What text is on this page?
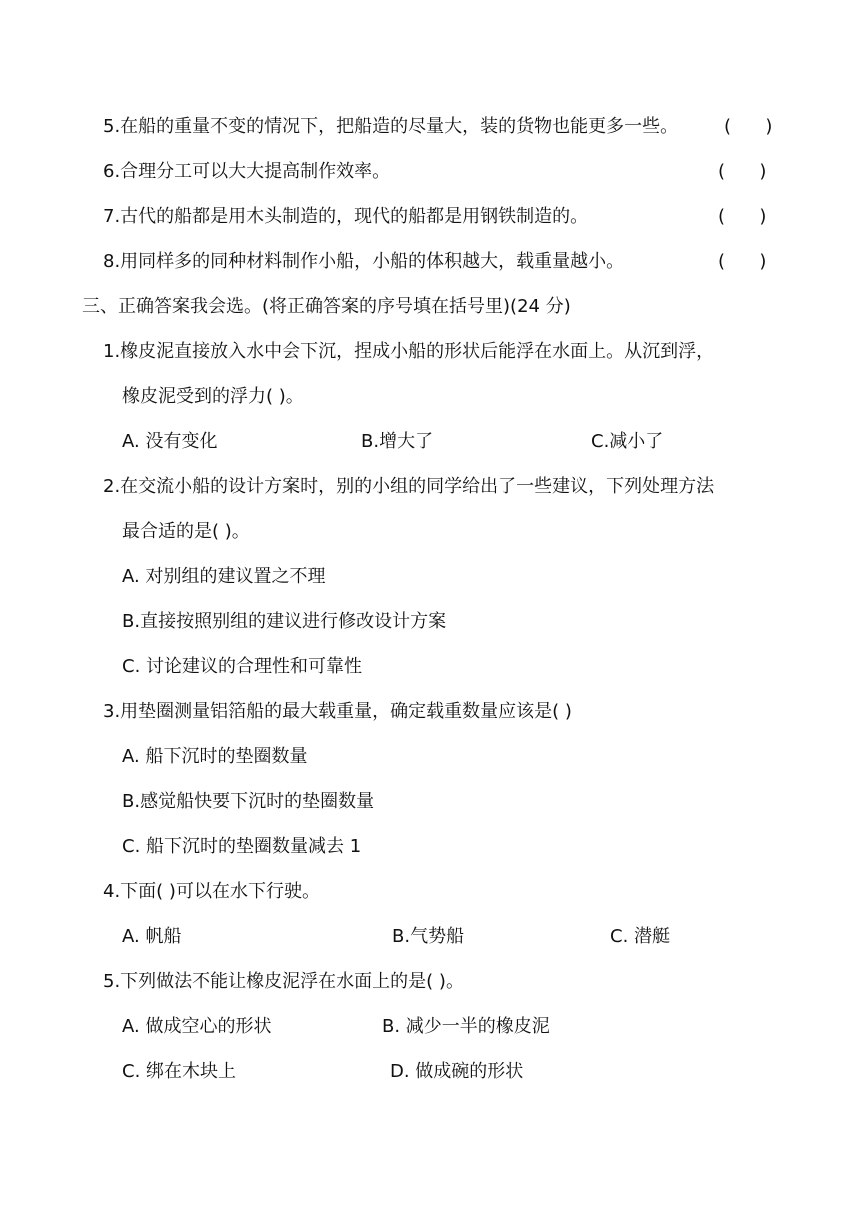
5.在船的重量不变的情况下，把船造的尽量大，装的货物也能更多一些。	(      )
6.合理分工可以大大提高制作效率。	(      )
7.古代的船都是用木头制造的，现代的船都是用钢铁制造的。	(      )
8.用同样多的同种材料制作小船，小船的体积越大，载重量越小。	(      )
三、正确答案我会选。(将正确答案的序号填在括号里)(24 分)
1.橡皮泥直接放入水中会下沉，捏成小船的形状后能浮在水面上。从沉到浮，
橡皮泥受到的浮力( )。
A. 没有变化	B.增大了	C.减小了
2.在交流小船的设计方案时，别的小组的同学给出了一些建议，下列处理方法
最合适的是( )。
A. 对别组的建议置之不理
B.直接按照别组的建议进行修改设计方案
C. 讨论建议的合理性和可靠性
3.用垫圈测量铝箔船的最大载重量，确定载重数量应该是( )
A. 船下沉时的垫圈数量
B.感觉船快要下沉时的垫圈数量
C. 船下沉时的垫圈数量减去 1
4.下面( )可以在水下行驶。
A. 帆船	B.气势船	C. 潜艇
5.下列做法不能让橡皮泥浮在水面上的是( )。
A. 做成空心的形状	B. 减少一半的橡皮泥
C. 绑在木块上	D. 做成碗的形状
